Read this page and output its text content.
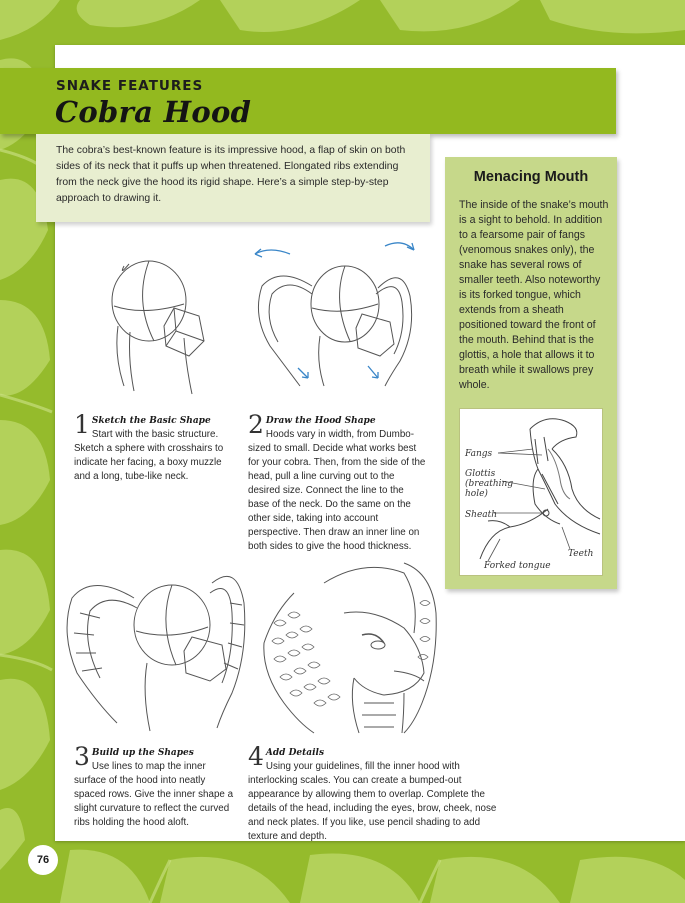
SNAKE FEATURES
Cobra Hood
The cobra’s best-known feature is its impressive hood, a flap of skin on both sides of its neck that it puffs up when threatened. Elongated ribs extending from the neck give the hood its rigid shape. Here’s a simple step-by-step approach to drawing it.
Menacing Mouth

The inside of the snake’s mouth is a sight to behold. In addition to a fearsome pair of fangs (venomous snakes only), the snake has several rows of smaller teeth. Also noteworthy is its forked tongue, which extends from a sheath positioned toward the front of the mouth. Behind that is the glottis, a hole that allows it to breath while it swallows prey whole.

Fangs
Glottis (breathing hole)
Sheath
Teeth
Forked tongue
1 Sketch the Basic Shape
Start with the basic structure. Sketch a sphere with crosshairs to indicate her facing, a boxy muzzle and a long, tube-like neck.
2 Draw the Hood Shape
Hoods vary in width, from Dumbo-sized to small. Decide what works best for your cobra. Then, from the side of the head, pull a line curving out to the desired size. Connect the line to the base of the neck. Do the same on the other side, taking into account perspective. Then draw an inner line on both sides to give the hood thickness.
3 Build up the Shapes
Use lines to map the inner surface of the hood into neatly spaced rows. Give the inner shape a slight curvature to reflect the curved ribs holding the hood aloft.
4 Add Details
Using your guidelines, fill the inner hood with interlocking scales. You can create a bumped-out appearance by allowing them to overlap. Complete the details of the head, including the eyes, brow, cheek, nose and neck plates. If you like, use pencil shading to add texture and depth.
76
